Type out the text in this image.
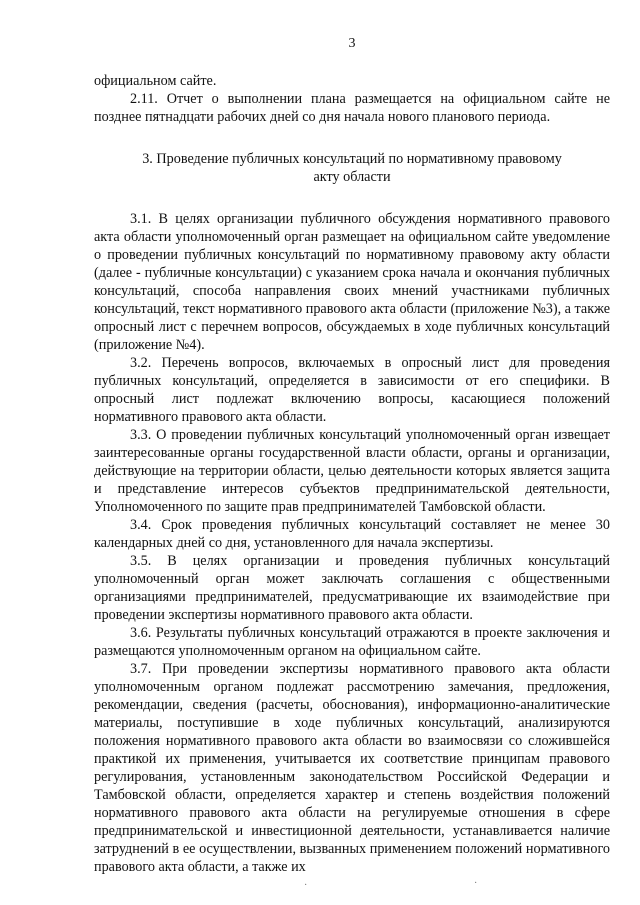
3

официальном сайте.

2.11. Отчет о выполнении плана размещается на официальном сайте не позднее пятнадцати рабочих дней со дня начала нового планового периода.

3. Проведение публичных консультаций по нормативному правовому
акту области

3.1. В целях организации публичного обсуждения нормативного правового акта области уполномоченный орган размещает на официальном сайте уведомление о проведении публичных консультаций по нормативному правовому акту области (далее - публичные консультации) с указанием срока начала и окончания публичных консультаций, способа направления своих мнений участниками публичных консультаций, текст нормативного правового акта области (приложение №3), а также опросный лист с перечнем вопросов, обсуждаемых в ходе публичных консультаций (приложение №4).

3.2. Перечень вопросов, включаемых в опросный лист для проведения публичных консультаций, определяется в зависимости от его специфики. В опросный лист подлежат включению вопросы, касающиеся положений нормативного правового акта области.

3.3. О проведении публичных консультаций уполномоченный орган извещает заинтересованные органы государственной власти области, органы и организации, действующие на территории области, целью деятельности которых является защита и представление интересов субъектов предпринимательской деятельности, Уполномоченного по защите прав предпринимателей Тамбовской области.

3.4. Срок проведения публичных консультаций составляет не менее 30 календарных дней со дня, установленного для начала экспертизы.

3.5. В целях организации и проведения публичных консультаций уполномоченный орган может заключать соглашения с общественными организациями предпринимателей, предусматривающие их взаимодействие при проведении экспертизы нормативного правового акта области.

3.6. Результаты публичных консультаций отражаются в проекте заключения и размещаются уполномоченным органом на официальном сайте.

3.7. При проведении экспертизы нормативного правового акта области уполномоченным органом подлежат рассмотрению замечания, предложения, рекомендации, сведения (расчеты, обоснования), информационно-аналитические материалы, поступившие в ходе публичных консультаций, анализируются положения нормативного правового акта области во взаимосвязи со сложившейся практикой их применения, учитывается их соответствие принципам правового регулирования, установленным законодательством Российской Федерации и Тамбовской области, определяется характер и степень воздействия положений нормативного правового акта области на регулируемые отношения в сфере предпринимательской и инвестиционной деятельности, устанавливается наличие затруднений в ее осуществлении, вызванных применением положений нормативного правового акта области, а также их

·	·
